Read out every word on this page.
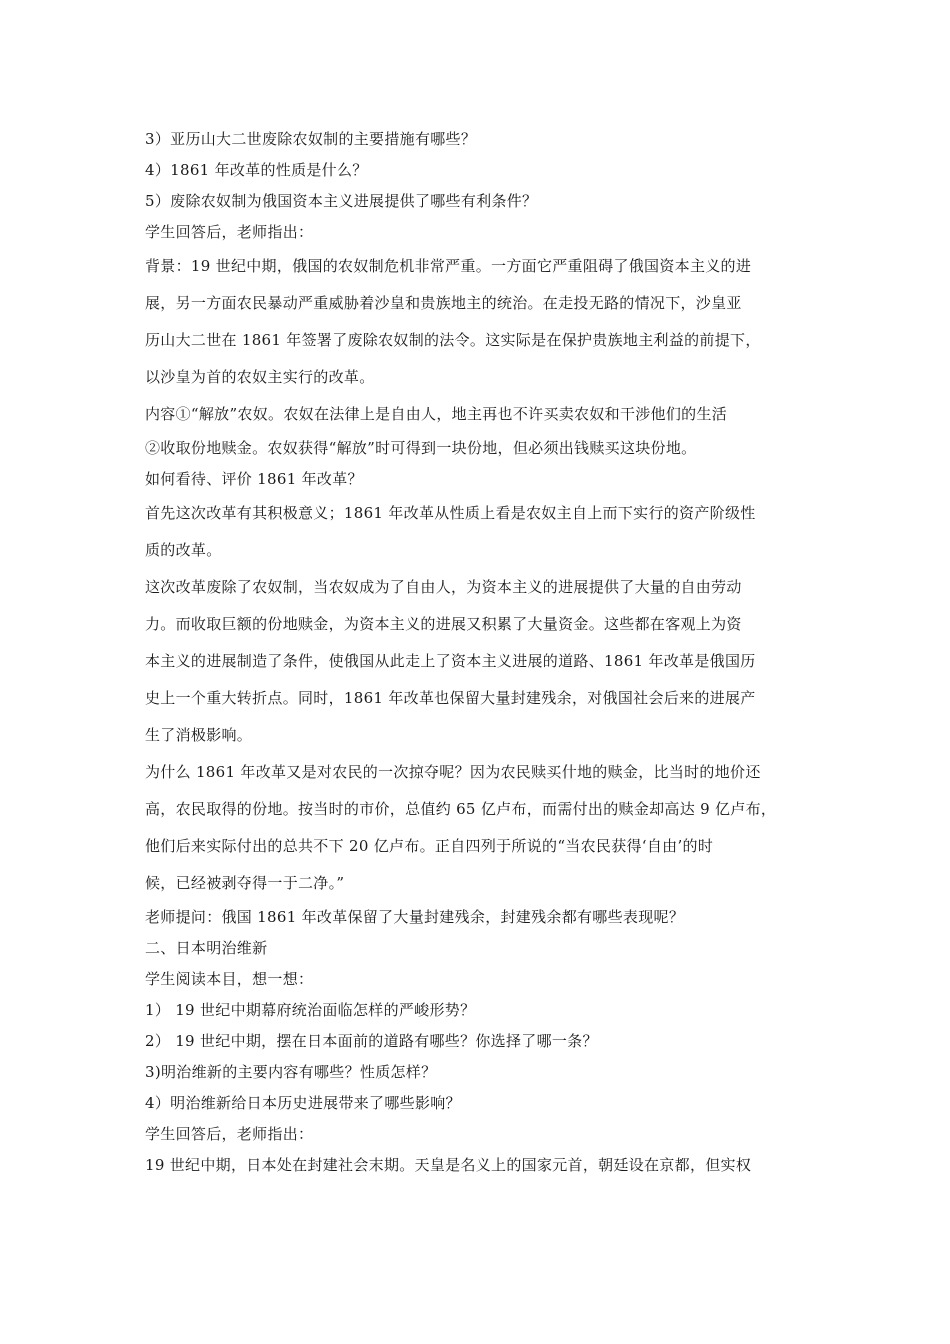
3）亚历山大二世废除农奴制的主要措施有哪些？

4）1861 年改革的性质是什么？

5）废除农奴制为俄国资本主义进展提供了哪些有利条件？

学生回答后，老师指出：

背景：19 世纪中期，俄国的农奴制危机非常严重。一方面它严重阻碍了俄国资本主义的进

展，另一方面农民暴动严重威胁着沙皇和贵族地主的统治。在走投无路的情况下，沙皇亚

历山大二世在 1861 年签署了废除农奴制的法令。这实际是在保护贵族地主利益的前提下，

以沙皇为首的农奴主实行的改革。

内容①“解放”农奴。农奴在法律上是自由人，地主再也不许买卖农奴和干涉他们的生活

②收取份地赎金。农奴获得“解放”时可得到一块份地，但必须出钱赎买这块份地。

如何看待、评价 1861 年改革？

首先这次改革有其积极意义；1861 年改革从性质上看是农奴主自上而下实行的资产阶级性

质的改革。

这次改革废除了农奴制，当农奴成为了自由人，为资本主义的进展提供了大量的自由劳动

力。而收取巨额的份地赎金，为资本主义的进展又积累了大量资金。这些都在客观上为资

本主义的进展制造了条件，使俄国从此走上了资本主义进展的道路、1861 年改革是俄国历

史上一个重大转折点。同时，1861 年改革也保留大量封建残余，对俄国社会后来的进展产

生了消极影响。

为什么 1861 年改革又是对农民的一次掠夺呢？因为农民赎买什地的赎金，比当时的地价还

高，农民取得的份地。按当时的市价，总值约 65 亿卢布，而需付出的赎金却高达 9 亿卢布，

他们后来实际付出的总共不下 20 亿卢布。正自四列于所说的“当农民获得‘自由’的时

候，已经被剥夺得一于二净。”

老师提问：俄国 1861 年改革保留了大量封建残余，封建残余都有哪些表现呢？

二、日本明治维新

学生阅读本目，想一想：

1） 19 世纪中期幕府统治面临怎样的严峻形势？

2） 19 世纪中期，摆在日本面前的道路有哪些？你选择了哪一条？

3)明治维新的主要内容有哪些？性质怎样？

4）明治维新给日本历史进展带来了哪些影响？

学生回答后，老师指出：

19 世纪中期，日本处在封建社会末期。天皇是名义上的国家元首，朝廷设在京都，但实权
